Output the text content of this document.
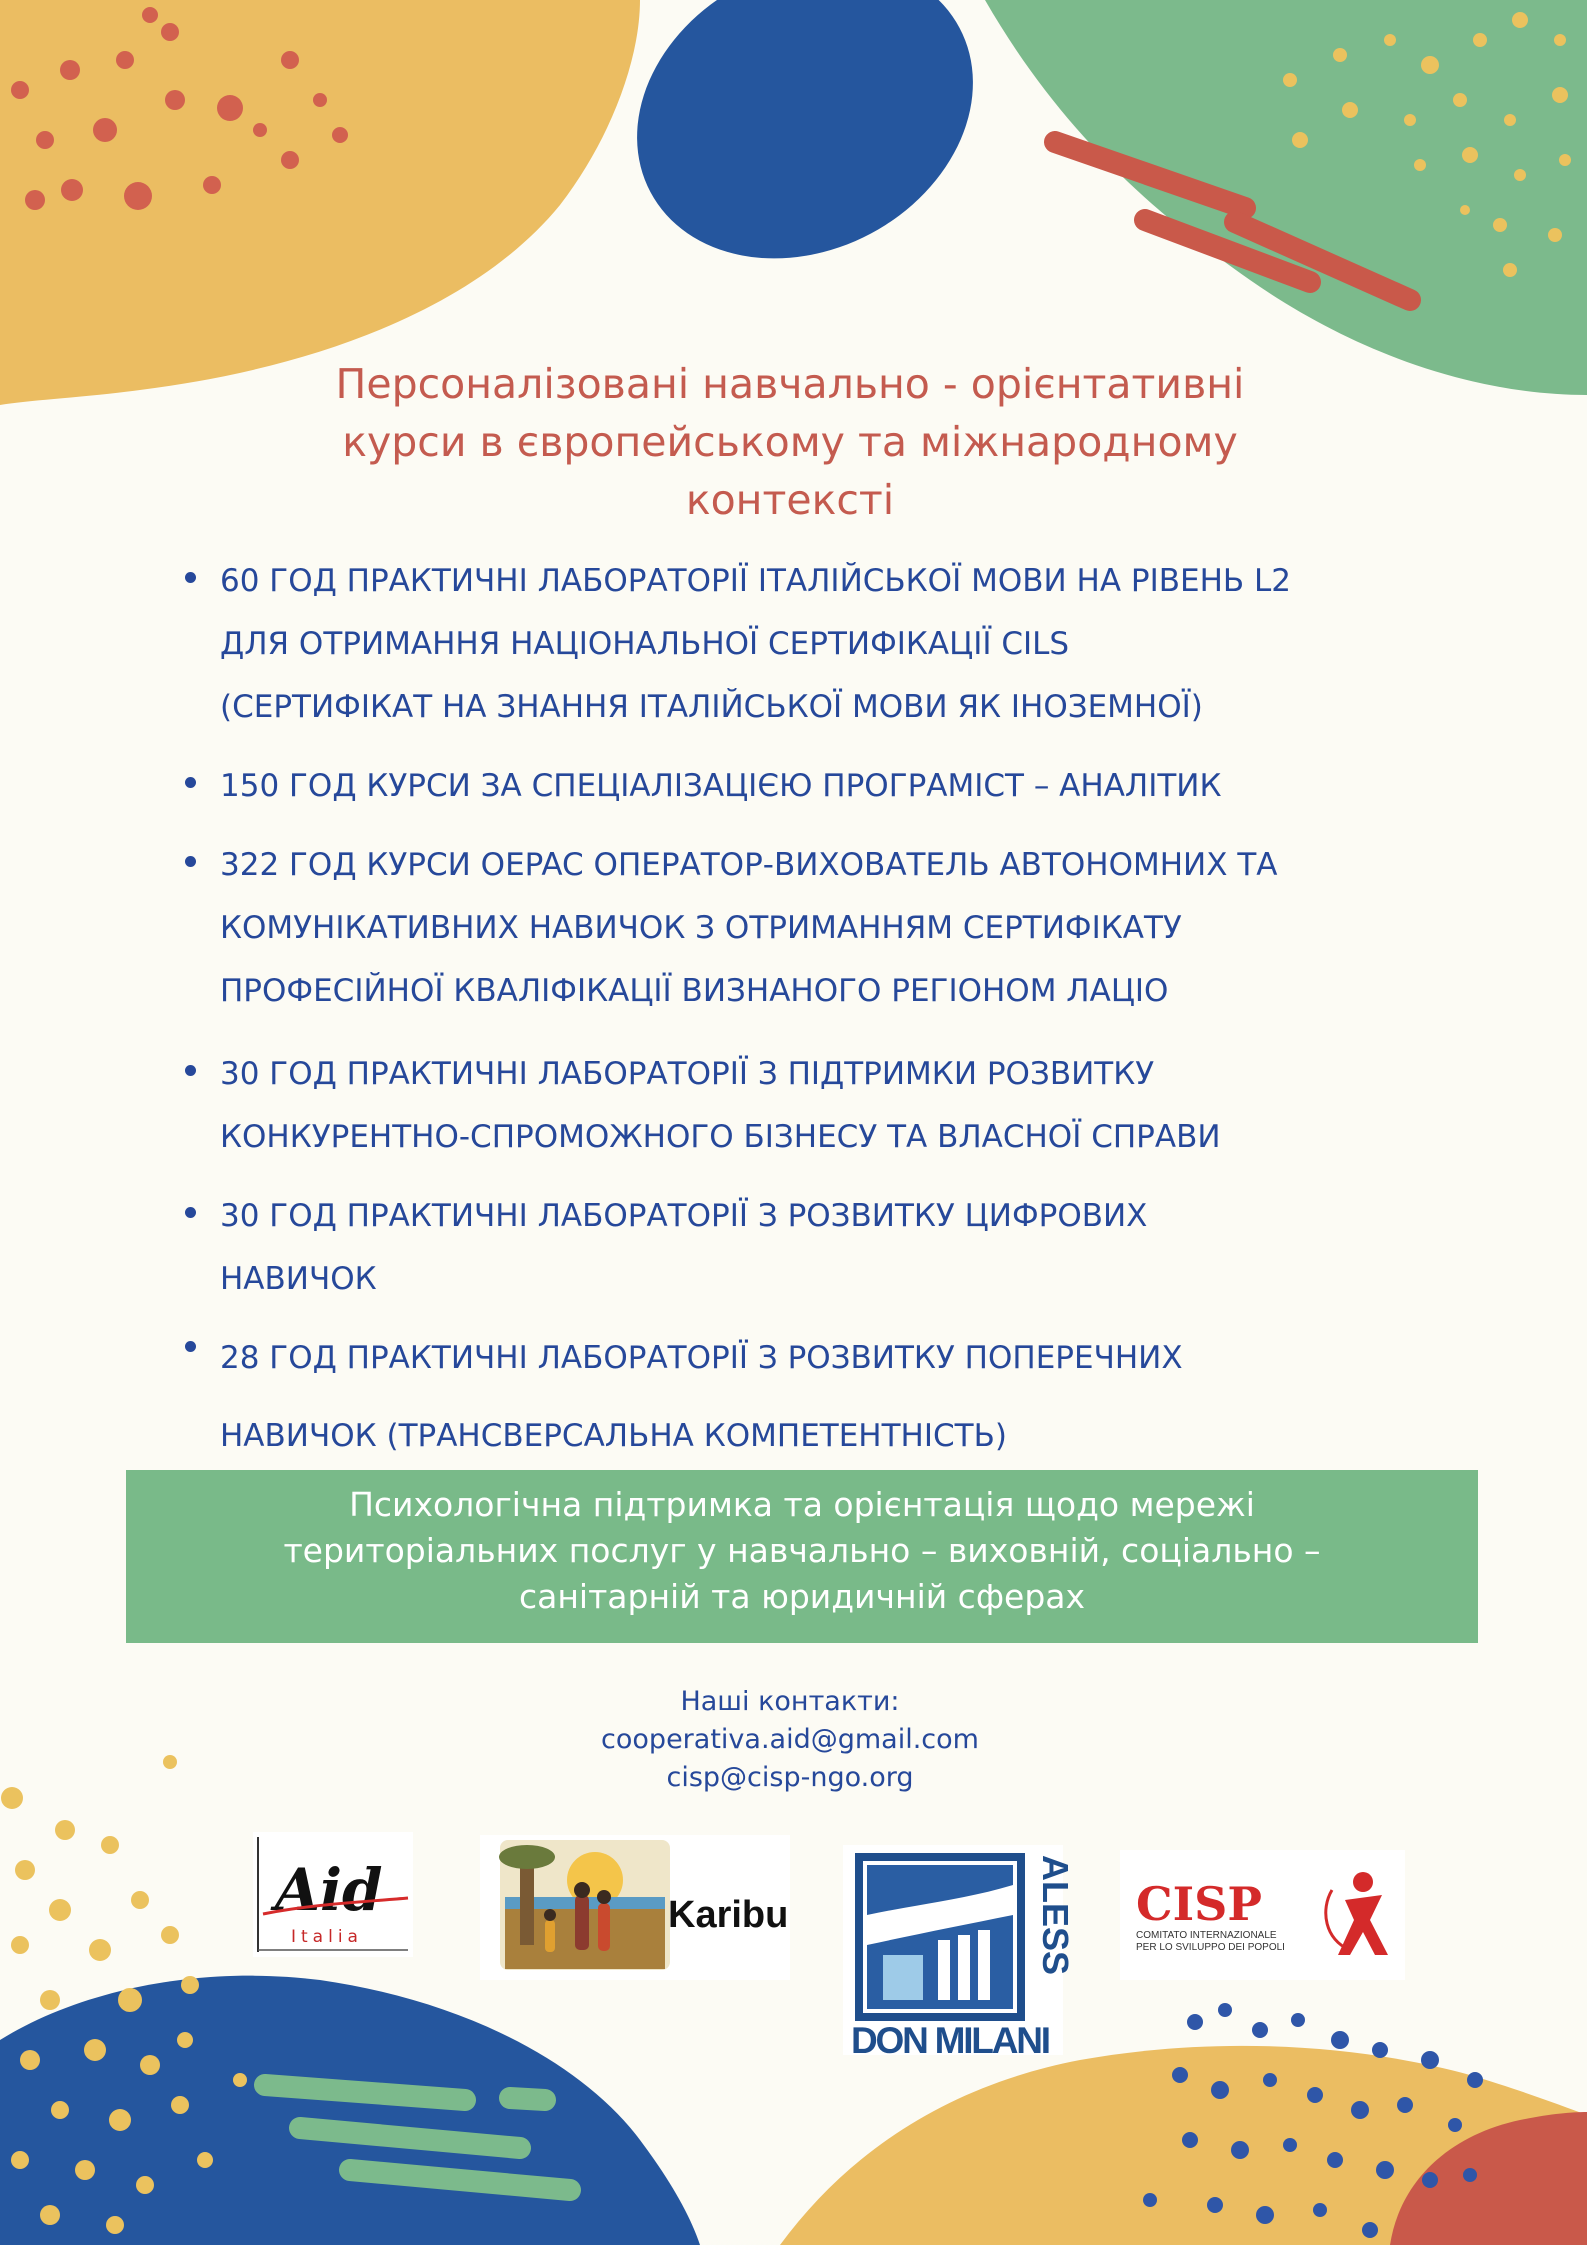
Персоналізовані навчально - орієнтативні
курси в європейському та міжнародному
контексті
60 ГОД ПРАКТИЧНІ ЛАБОРАТОРІЇ ІТАЛІЙСЬКОЇ МОВИ НА РІВЕНЬ L2
ДЛЯ ОТРИМАННЯ НАЦІОНАЛЬНОЇ СЕРТИФІКАЦІЇ CILS
(СЕРТИФІКАТ НА ЗНАННЯ ІТАЛІЙСЬКОЇ МОВИ ЯК ІНОЗЕМНОЇ)
150 ГОД КУРСИ ЗА СПЕЦІАЛІЗАЦІЄЮ ПРОГРАМІСТ – АНАЛІТИК
322 ГОД КУРСИ OEPAC ОПЕРАТОР-ВИХОВАТЕЛЬ АВТОНОМНИХ ТА
КОМУНІКАТИВНИХ НАВИЧОК З ОТРИМАННЯМ СЕРТИФІКАТУ
ПРОФЕСІЙНОЇ КВАЛІФІКАЦІЇ ВИЗНАНОГО РЕГІОНОМ ЛАЦІО
30 ГОД ПРАКТИЧНІ ЛАБОРАТОРІЇ З ПІДТРИМКИ РОЗВИТКУ
КОНКУРЕНТНО-СПРОМОЖНОГО БІЗНЕСУ ТА ВЛАСНОЇ СПРАВИ
30 ГОД ПРАКТИЧНІ ЛАБОРАТОРІЇ З РОЗВИТКУ ЦИФРОВИХ
НАВИЧОК
28 ГОД ПРАКТИЧНІ ЛАБОРАТОРІЇ З РОЗВИТКУ ПОПЕРЕЧНИХ
НАВИЧОК (ТРАНСВЕРСАЛЬНА КОМПЕТЕНТНІСТЬ)
Психологічна підтримка та орієнтація щодо мережі
територіальних послуг у навчально – виховній, соціально –
санітарній та юридичній сферах
Наші контакти:
cooperativa.aid@gmail.com
cisp@cisp-ngo.org
Aid
Italia
Karibu	ALESS
DON MILANI
CISP
COMITATO INTERNAZIONALE
PER LO SVILUPPO DEI POPOLI
